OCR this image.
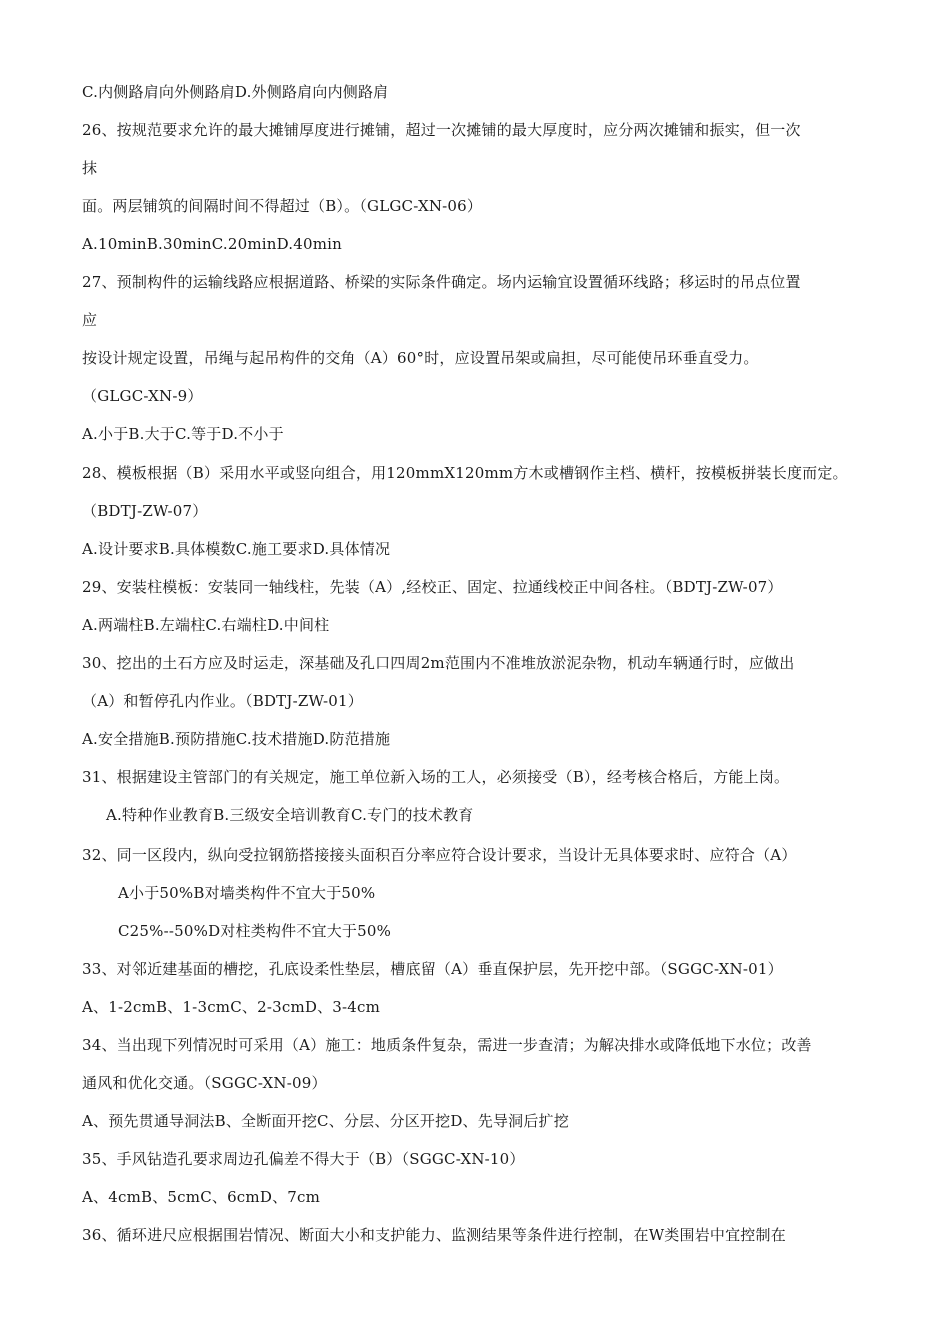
C.内侧路肩向外侧路肩D.外侧路肩向内侧路肩
26、按规范要求允许的最大摊铺厚度进行摊铺，超过一次摊铺的最大厚度时，应分两次摊铺和振实，但一次
抹
面。两层铺筑的间隔时间不得超过（B）。（GLGC-XN-06）
A.10minB.30minC.20minD.40min
27、预制构件的运输线路应根据道路、桥梁的实际条件确定。场内运输宜设置循环线路；移运时的吊点位置
应
按设计规定设置，吊绳与起吊构件的交角（A）60°时，应设置吊架或扁担，尽可能使吊环垂直受力。
（GLGC-XN-9）
A.小于B.大于C.等于D.不小于
28、模板根据（B）采用水平或竖向组合，用120mmX120mm方木或槽钢作主档、横杆，按模板拼装长度而定。
（BDTJ-ZW-07）
A.设计要求B.具体模数C.施工要求D.具体情况
29、安装柱模板：安装同一轴线柱，先装（A）,经校正、固定、拉通线校正中间各柱。（BDTJ-ZW-07）
A.两端柱B.左端柱C.右端柱D.中间柱
30、挖出的土石方应及时运走，深基础及孔口四周2m范围内不准堆放淤泥杂物，机动车辆通行时，应做出
（A）和暂停孔内作业。（BDTJ-ZW-01）
A.安全措施B.预防措施C.技术措施D.防范措施
31、根据建设主管部门的有关规定，施工单位新入场的工人，必须接受（B），经考核合格后，方能上岗。
A.特种作业教育B.三级安全培训教育C.专门的技术教育
32、同一区段内，纵向受拉钢筋搭接接头面积百分率应符合设计要求，当设计无具体要求时、应符合（A）
A小于50%B对墙类构件不宜大于50%
C25%--50%D对柱类构件不宜大于50%
33、对邻近建基面的槽挖，孔底设柔性垫层，槽底留（A）垂直保护层，先开挖中部。（SGGC-XN-01）
A、1-2cmB、1-3cmC、2-3cmD、3-4cm
34、当出现下列情况时可采用（A）施工：地质条件复杂，需进一步查清；为解决排水或降低地下水位；改善
通风和优化交通。（SGGC-XN-09）
A、预先贯通导洞法B、全断面开挖C、分层、分区开挖D、先导洞后扩挖
35、手风钻造孔要求周边孔偏差不得大于（B）（SGGC-XN-10）
A、4cmB、5cmC、6cmD、7cm
36、循环进尺应根据围岩情况、断面大小和支护能力、监测结果等条件进行控制，在W类围岩中宜控制在
